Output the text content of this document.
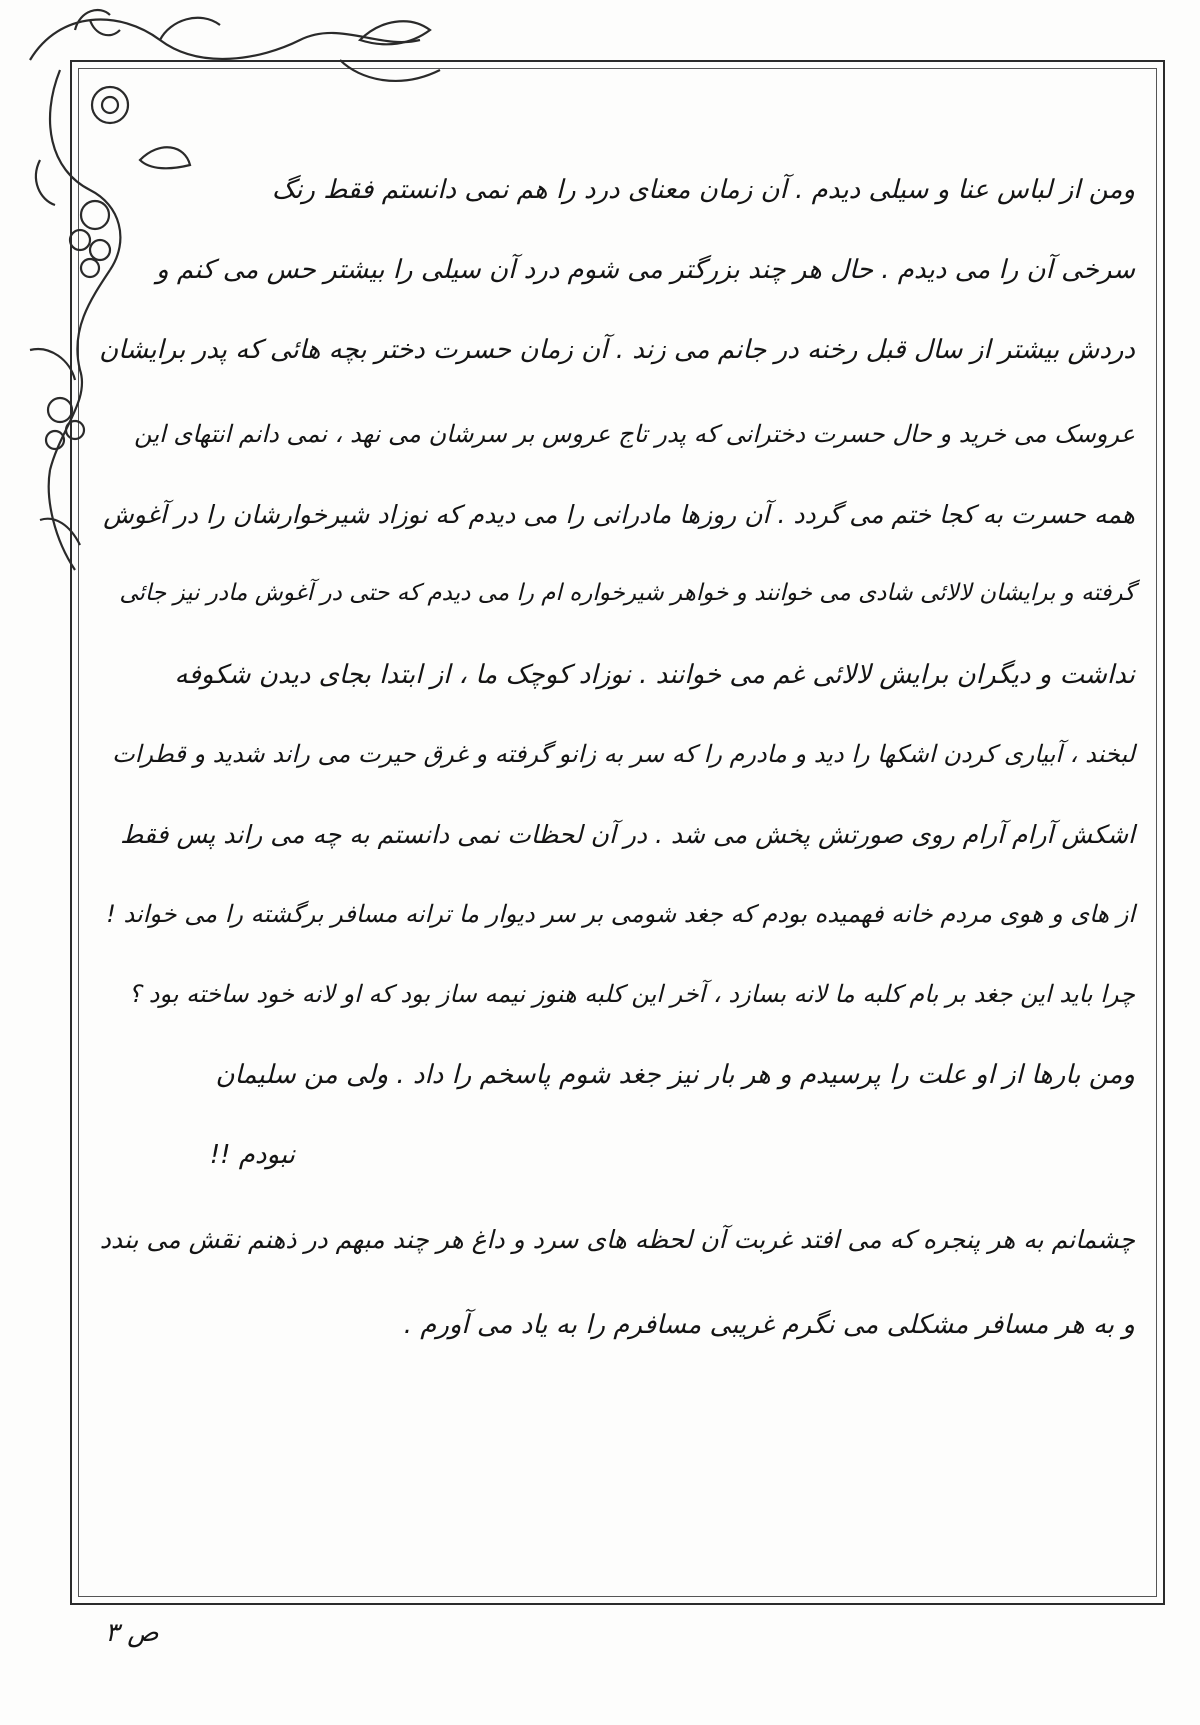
ومن از لباس عنا و سیلی دیدم . آن زمان معنای درد را هم نمی دانستم فقط رنگ
سرخی آن را می دیدم . حال هر چند بزرگتر می شوم درد آن سیلی را بیشتر حس می کنم و
دردش بیشتر از سال قبل رخنه در جانم می زند . آن زمان حسرت دختر بچه هائی که پدر برایشان
عروسک می خرید و حال حسرت دخترانی که پدر تاج عروس بر سرشان می نهد ، نمی دانم انتهای این
همه حسرت به کجا ختم می گردد . آن روزها مادرانی را می دیدم که نوزاد شیرخوارشان را در آغوش
گرفته و برایشان لالائی شادی می خوانند و خواهر شیرخواره ام را می دیدم که حتی در آغوش مادر نیز جائی
نداشت و دیگران برایش لالائی غم می خوانند . نوزاد کوچک ما ، از ابتدا بجای دیدن شکوفه
لبخند ، آبیاری کردن اشکها را دید و مادرم را که سر به زانو گرفته و غرق حیرت می راند شدید و قطرات
اشکش آرام آرام روی صورتش پخش می شد . در آن لحظات نمی دانستم به چه می راند پس فقط
از های و هوی مردم خانه فهمیده بودم که جغد شومی بر سر دیوار ما ترانه مسافر برگشته را می خواند !
چرا باید این جغد بر بام کلبه ما لانه بسازد ، آخر این کلبه هنوز نیمه ساز بود که او لانه خود ساخته بود ؟
ومن بارها از او علت را پرسیدم و هر بار نیز جغد شوم پاسخم را داد . ولی من سلیمان
نبودم !!
چشمانم به هر پنجره که می افتد غربت آن لحظه های سرد و داغ هر چند مبهم در ذهنم نقش می بندد
و به هر مسافر مشکلی می نگرم غریبی مسافرم را به یاد می آورم .
ص ۳
